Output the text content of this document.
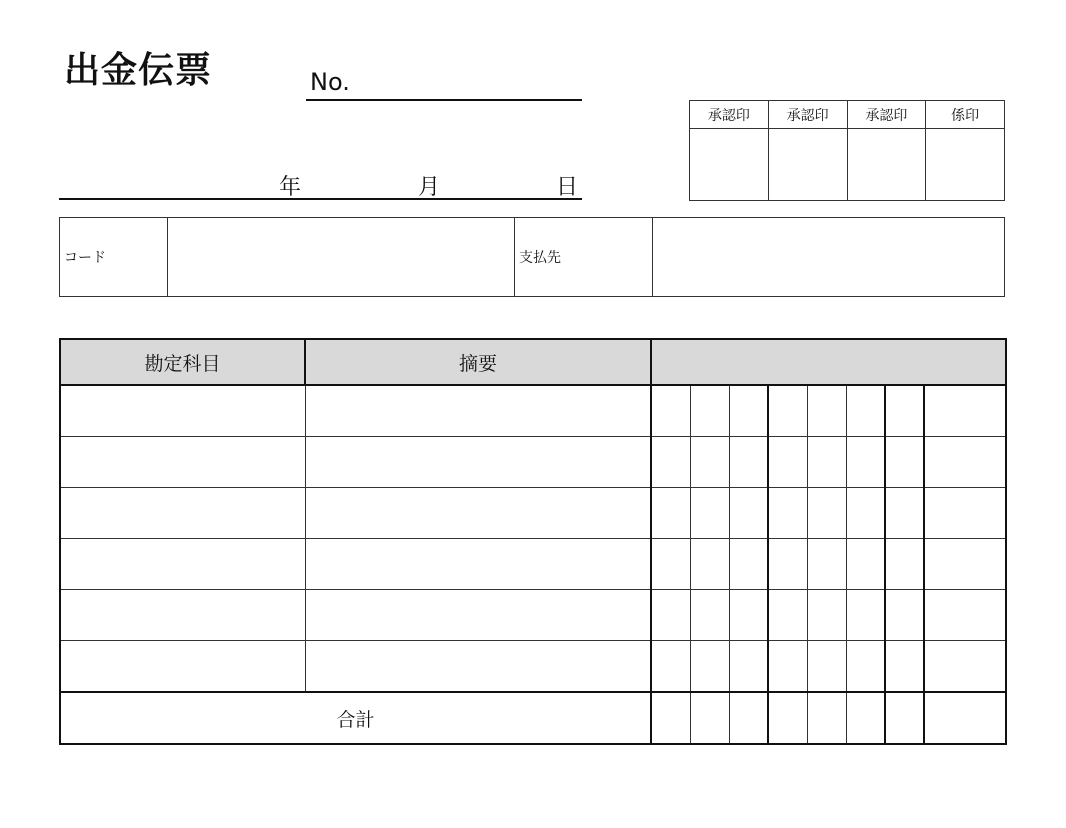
出金伝票	No.
年	月	日
承認印	承認印	承認印	係印

コード		支払先	
勘定科目	摘要								

合計									
